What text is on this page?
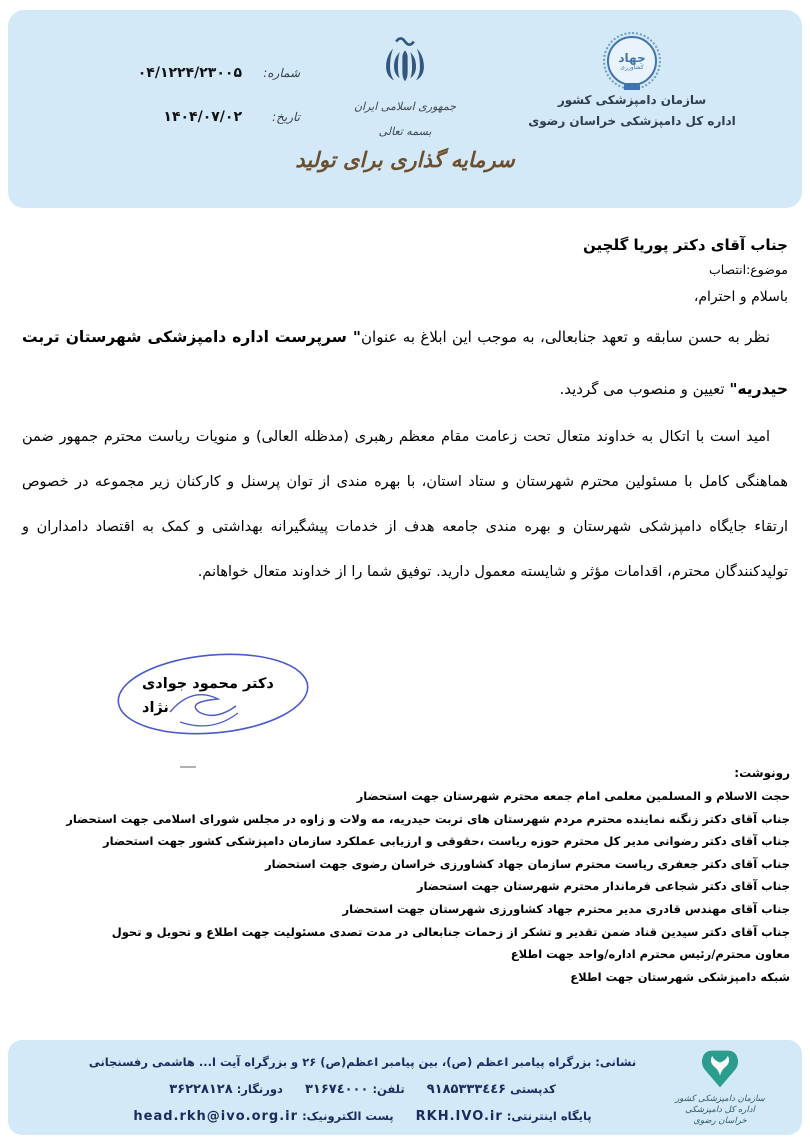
جهاد
کشاورزی
سازمان دامپزشکی کشور
اداره کل دامپزشکی خراسان رضوی
جمهوری اسلامی ایران
بسمه تعالی
سرمایه گذاری برای تولید
شماره:
۰۴/۱۲۲۴/۲۳۰۰۵
تاریخ:
۱۴۰۴/۰۷/۰۲
جناب آقای دکتر پوریا گلچین
موضوع:انتصاب
باسلام و احترام،

نظر به حسن سابقه و تعهد جنابعالی، به موجب این ابلاغ به عنوان" سرپرست اداره دامپزشکی شهرستان تربت حیدریه" تعیین و منصوب می گردید.

امید است با اتکال به خداوند متعال تحت زعامت مقام معظم رهبری (مدظله العالی) و منویات ریاست محترم جمهور ضمن هماهنگی کامل با مسئولین محترم شهرستان و ستاد استان، با بهره مندی از توان پرسنل و کارکنان زیر مجموعه در خصوص ارتقاء جایگاه دامپزشکی شهرستان و بهره مندی جامعه هدف از خدمات پیشگیرانه بهداشتی و کمک به اقتصاد دامداران و تولیدکنندگان محترم، اقدامات مؤثر و شایسته معمول دارید. توفیق شما را از خداوند متعال خواهانم.

دکتر محمود جوادی
نژاد
رونوشت:
حجت الاسلام و المسلمین معلمی امام جمعه محترم شهرستان جهت استحضار
جناب آقای دکتر زنگنه نماینده محترم مردم شهرستان های تربت حیدریه، مه ولات و زاوه در مجلس شورای اسلامی جهت استحضار
جناب آقای دکتر رضوانی مدیر کل محترم حوزه ریاست ،حقوقی و ارزیابی عملکرد سازمان دامپزشکی کشور جهت استحضار
جناب آقای دکتر جعفری ریاست محترم سازمان جهاد کشاورزی خراسان رضوی جهت استحضار
جناب آقای دکتر شجاعی فرماندار محترم شهرستان جهت استحضار
جناب آقای مهندس قادری مدیر محترم جهاد کشاورزی شهرستان جهت استحضار
جناب آقای دکتر سیدین قناد ضمن تقدیر و تشکر از زحمات جنابعالی در مدت تصدی مسئولیت جهت اطلاع و تحویل و تحول
معاون محترم/رئیس محترم اداره/واحد جهت اطلاع
شبکه دامپزشکی شهرستان جهت اطلاع
سازمان دامپزشکی کشور
اداره کل دامپزشکی خراسان رضوی
نشانی: بزرگراه پیامبر اعظم (ص)، بین پیامبر اعظم(ص) ۲۶ و بزرگراه آیت ا... هاشمی رفسنجانی
کدپستی ۹۱۸۵۳۳۳٤٤۶  تلفن: ۳۱۶۷٤۰۰۰  دورنگار: ۳۶۲۲۸۱۲۸
پایگاه اینترنتی: RKH.IVO.ir  پست الکترونیک: head.rkh@ivo.org.ir
